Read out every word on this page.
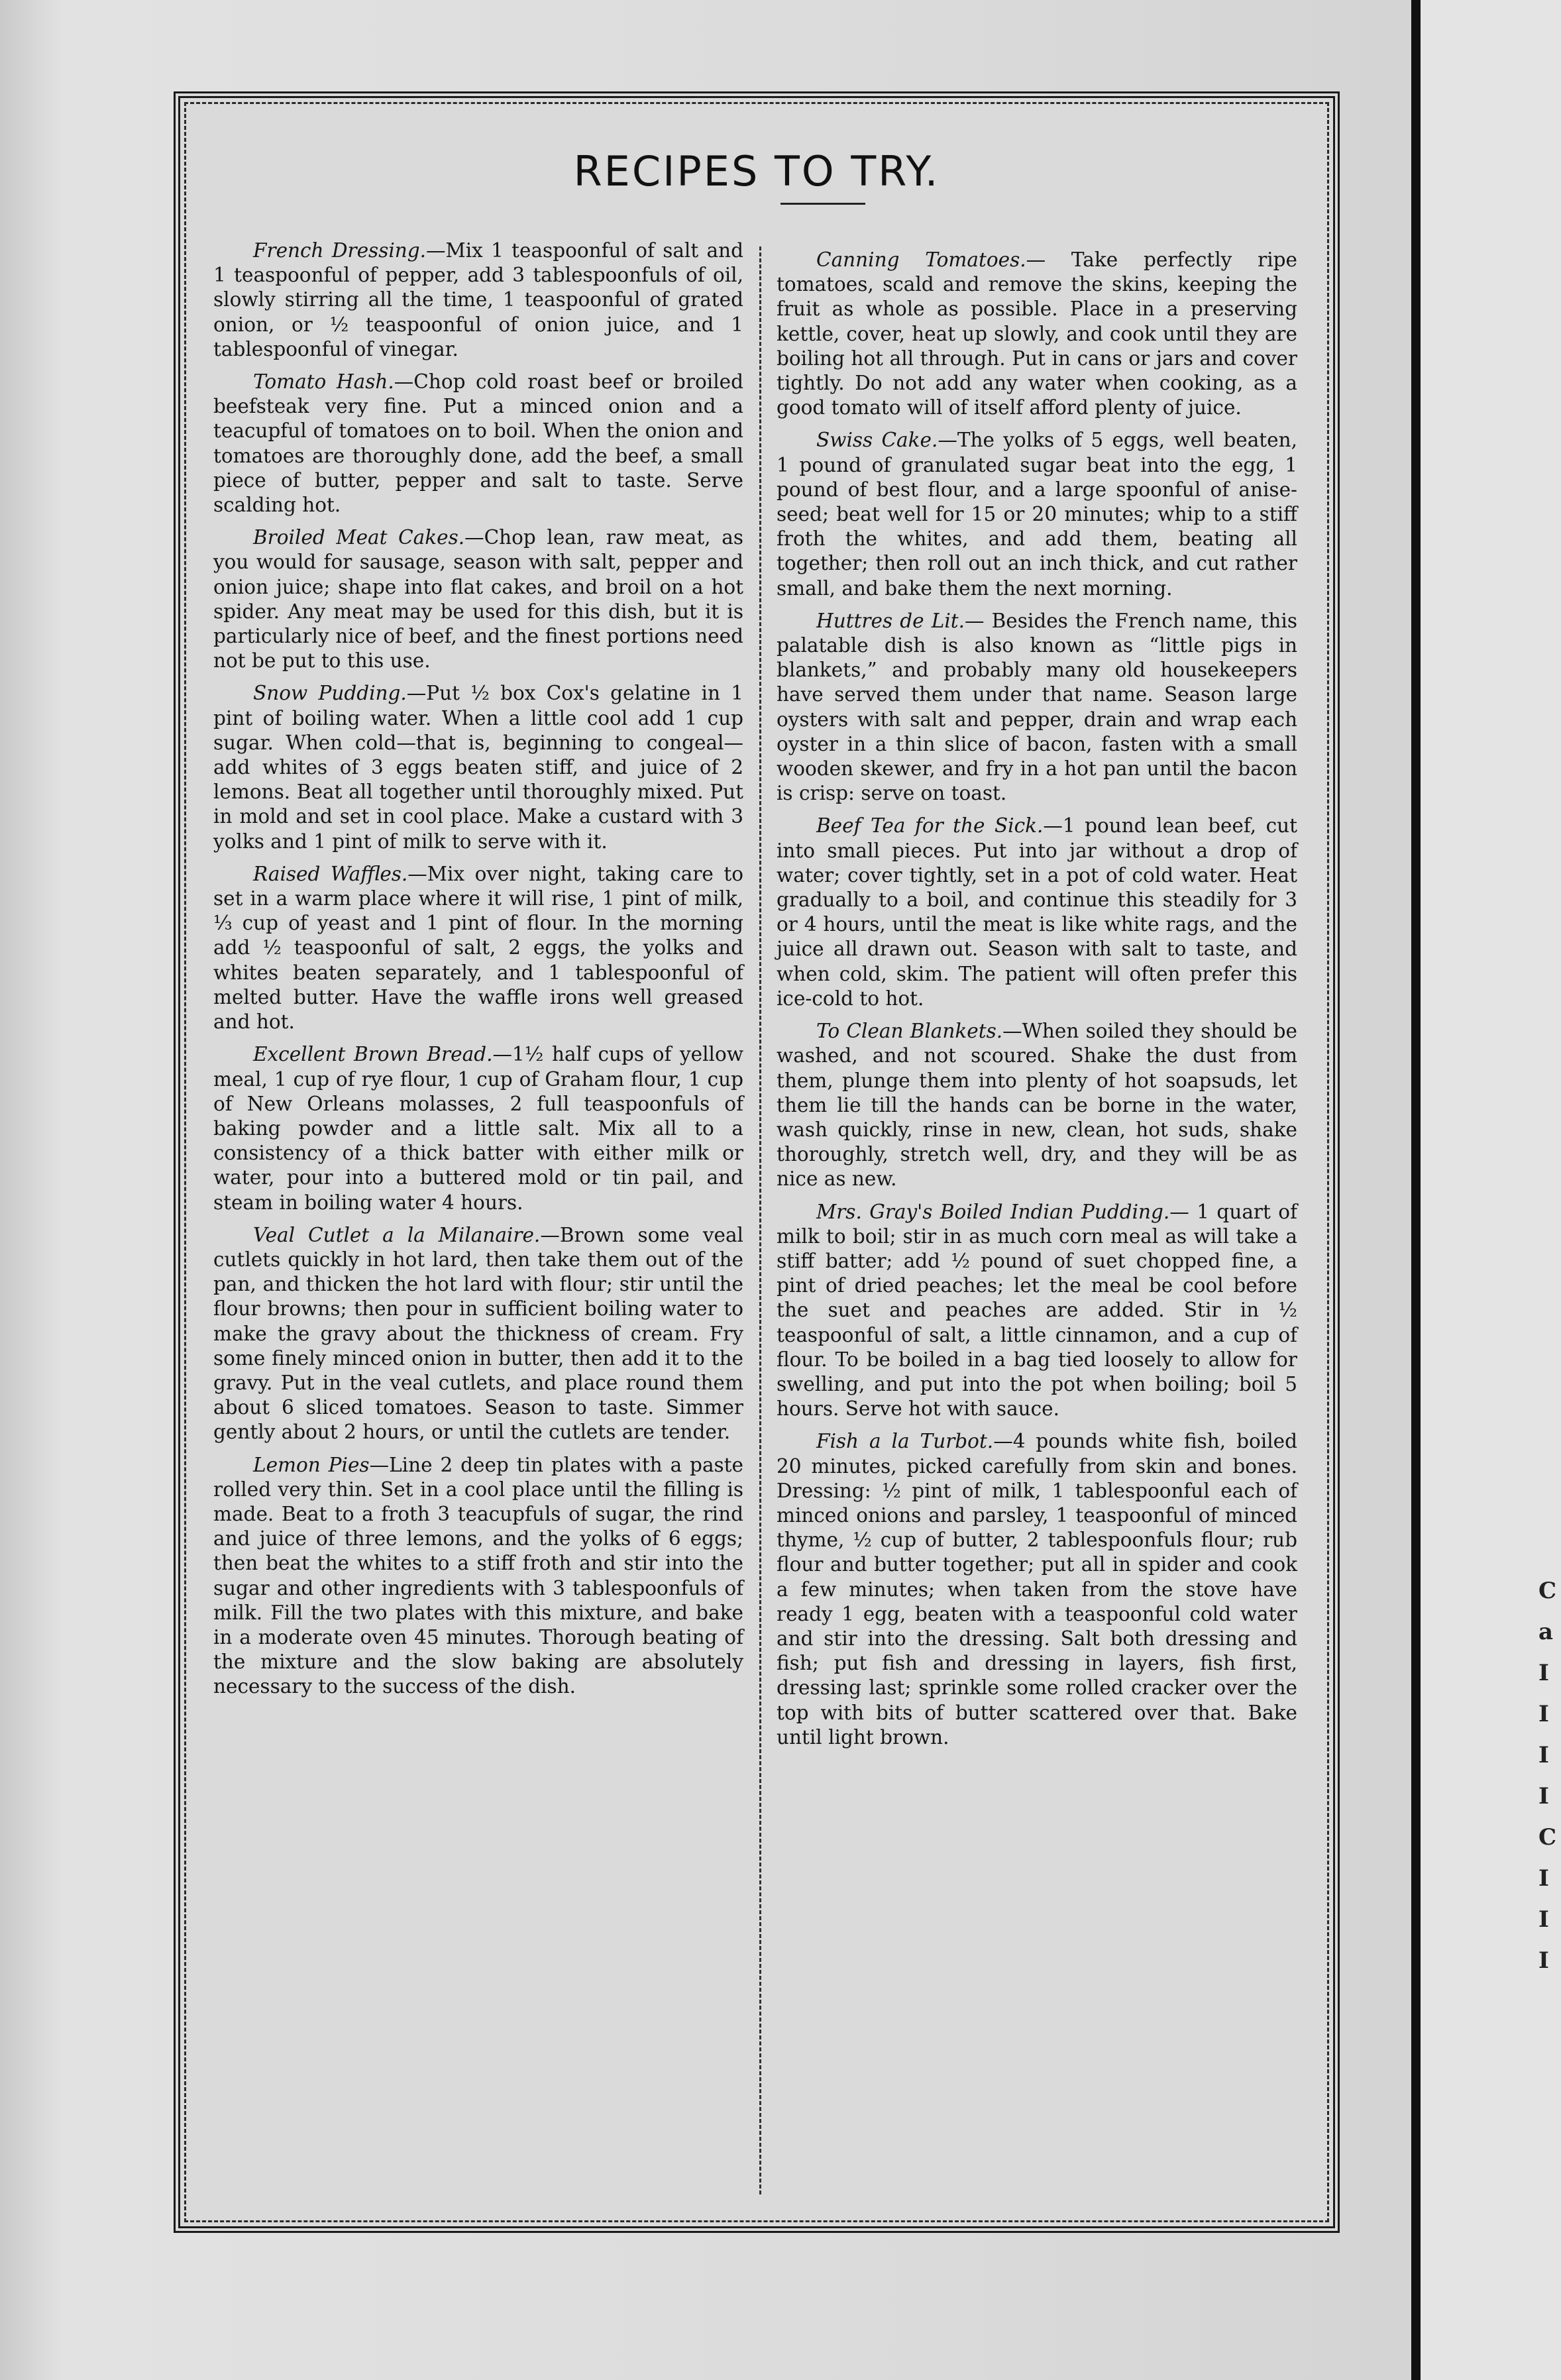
C
a
I
I
I
I
C
I
I
I
RECIPES TO TRY.

French Dressing.—Mix 1 teaspoonful of salt and 1 teaspoonful of pepper, add 3 tablespoonfuls of oil, slowly stirring all the time, 1 teaspoonful of grated onion, or ½ teaspoonful of onion juice, and 1 tablespoonful of vinegar.

Tomato Hash.—Chop cold roast beef or broiled beefsteak very fine. Put a minced onion and a teacupful of tomatoes on to boil. When the onion and tomatoes are thoroughly done, add the beef, a small piece of butter, pepper and salt to taste. Serve scalding hot.

Broiled Meat Cakes.—Chop lean, raw meat, as you would for sausage, season with salt, pepper and onion juice; shape into flat cakes, and broil on a hot spider. Any meat may be used for this dish, but it is particularly nice of beef, and the finest portions need not be put to this use.

Snow Pudding.—Put ½ box Cox's gelatine in 1 pint of boiling water. When a little cool add 1 cup sugar. When cold—that is, beginning to congeal—add whites of 3 eggs beaten stiff, and juice of 2 lemons. Beat all together until thoroughly mixed. Put in mold and set in cool place. Make a custard with 3 yolks and 1 pint of milk to serve with it.

Raised Waffles.—Mix over night, taking care to set in a warm place where it will rise, 1 pint of milk, ⅓ cup of yeast and 1 pint of flour. In the morning add ½ teaspoonful of salt, 2 eggs, the yolks and whites beaten separately, and 1 tablespoonful of melted butter. Have the waffle irons well greased and hot.

Excellent Brown Bread.—1½ half cups of yellow meal, 1 cup of rye flour, 1 cup of Graham flour, 1 cup of New Orleans molasses, 2 full teaspoonfuls of baking powder and a little salt. Mix all to a consistency of a thick batter with either milk or water, pour into a buttered mold or tin pail, and steam in boiling water 4 hours.

Veal Cutlet a la Milanaire.—Brown some veal cutlets quickly in hot lard, then take them out of the pan, and thicken the hot lard with flour; stir until the flour browns; then pour in sufficient boiling water to make the gravy about the thickness of cream. Fry some finely minced onion in butter, then add it to the gravy. Put in the veal cutlets, and place round them about 6 sliced tomatoes. Season to taste. Simmer gently about 2 hours, or until the cutlets are tender.

Lemon Pies—Line 2 deep tin plates with a paste rolled very thin. Set in a cool place until the filling is made. Beat to a froth 3 teacupfuls of sugar, the rind and juice of three lemons, and the yolks of 6 eggs; then beat the whites to a stiff froth and stir into the sugar and other ingredients with 3 tablespoonfuls of milk. Fill the two plates with this mixture, and bake in a moderate oven 45 minutes. Thorough beating of the mixture and the slow baking are absolutely necessary to the success of the dish.

Canning Tomatoes.— Take perfectly ripe tomatoes, scald and remove the skins, keeping the fruit as whole as possible. Place in a preserving kettle, cover, heat up slowly, and cook until they are boiling hot all through. Put in cans or jars and cover tightly. Do not add any water when cooking, as a good tomato will of itself afford plenty of juice.

Swiss Cake.—The yolks of 5 eggs, well beaten, 1 pound of granulated sugar beat into the egg, 1 pound of best flour, and a large spoonful of anise-seed; beat well for 15 or 20 minutes; whip to a stiff froth the whites, and add them, beating all together; then roll out an inch thick, and cut rather small, and bake them the next morning.

Huttres de Lit.— Besides the French name, this palatable dish is also known as “little pigs in blankets,” and probably many old housekeepers have served them under that name. Season large oysters with salt and pepper, drain and wrap each oyster in a thin slice of bacon, fasten with a small wooden skewer, and fry in a hot pan until the bacon is crisp: serve on toast.

Beef Tea for the Sick.—1 pound lean beef, cut into small pieces. Put into jar without a drop of water; cover tightly, set in a pot of cold water. Heat gradually to a boil, and continue this steadily for 3 or 4 hours, until the meat is like white rags, and the juice all drawn out. Season with salt to taste, and when cold, skim. The patient will often prefer this ice-cold to hot.

To Clean Blankets.—When soiled they should be washed, and not scoured. Shake the dust from them, plunge them into plenty of hot soapsuds, let them lie till the hands can be borne in the water, wash quickly, rinse in new, clean, hot suds, shake thoroughly, stretch well, dry, and they will be as nice as new.

Mrs. Gray's Boiled Indian Pudding.— 1 quart of milk to boil; stir in as much corn meal as will take a stiff batter; add ½ pound of suet chopped fine, a pint of dried peaches; let the meal be cool before the suet and peaches are added. Stir in ½ teaspoonful of salt, a little cinnamon, and a cup of flour. To be boiled in a bag tied loosely to allow for swelling, and put into the pot when boiling; boil 5 hours. Serve hot with sauce.

Fish a la Turbot.—4 pounds white fish, boiled 20 minutes, picked carefully from skin and bones. Dressing: ½ pint of milk, 1 tablespoonful each of minced onions and parsley, 1 teaspoonful of minced thyme, ½ cup of butter, 2 tablespoonfuls flour; rub flour and butter together; put all in spider and cook a few minutes; when taken from the stove have ready 1 egg, beaten with a teaspoonful cold water and stir into the dressing. Salt both dressing and fish; put fish and dressing in layers, fish first, dressing last; sprinkle some rolled cracker over the top with bits of butter scattered over that. Bake until light brown.
